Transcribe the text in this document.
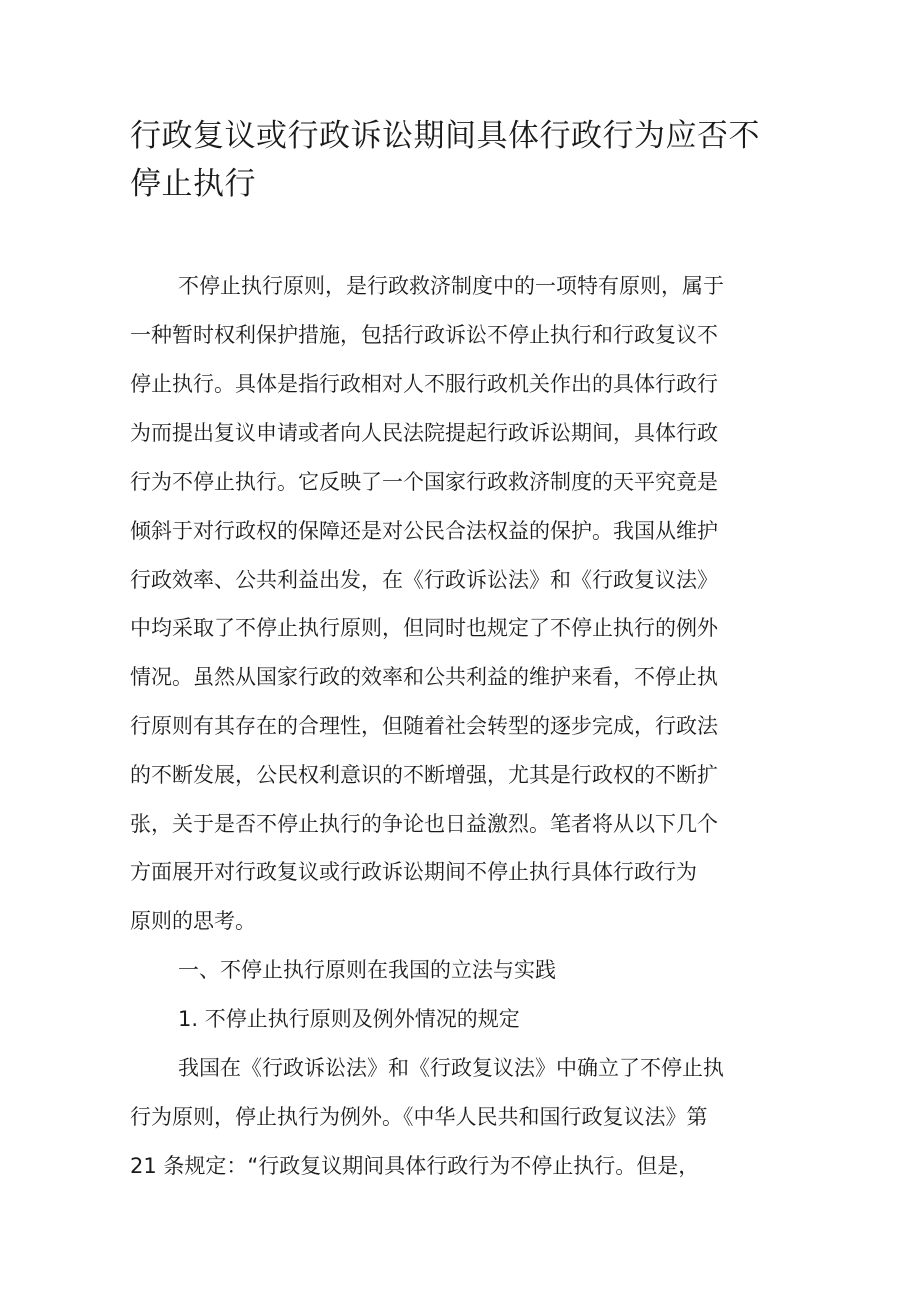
行政复议或行政诉讼期间具体行政行为应否不停止执行
不停止执行原则，是行政救济制度中的一项特有原则，属于
一种暂时权利保护措施，包括行政诉讼不停止执行和行政复议不
停止执行。具体是指行政相对人不服行政机关作出的具体行政行
为而提出复议申请或者向人民法院提起行政诉讼期间，具体行政
行为不停止执行。它反映了一个国家行政救济制度的天平究竟是
倾斜于对行政权的保障还是对公民合法权益的保护。我国从维护
行政效率、公共利益出发，在《行政诉讼法》和《行政复议法》
中均采取了不停止执行原则，但同时也规定了不停止执行的例外
情况。虽然从国家行政的效率和公共利益的维护来看，不停止执
行原则有其存在的合理性，但随着社会转型的逐步完成，行政法
的不断发展，公民权利意识的不断增强，尤其是行政权的不断扩
张，关于是否不停止执行的争论也日益激烈。笔者将从以下几个
方面展开对行政复议或行政诉讼期间不停止执行具体行政行为
原则的思考。
一、不停止执行原则在我国的立法与实践
1. 不停止执行原则及例外情况的规定
我国在《行政诉讼法》和《行政复议法》中确立了不停止执
行为原则，停止执行为例外。《中华人民共和国行政复议法》第
21 条规定：“行政复议期间具体行政行为不停止执行。但是，
